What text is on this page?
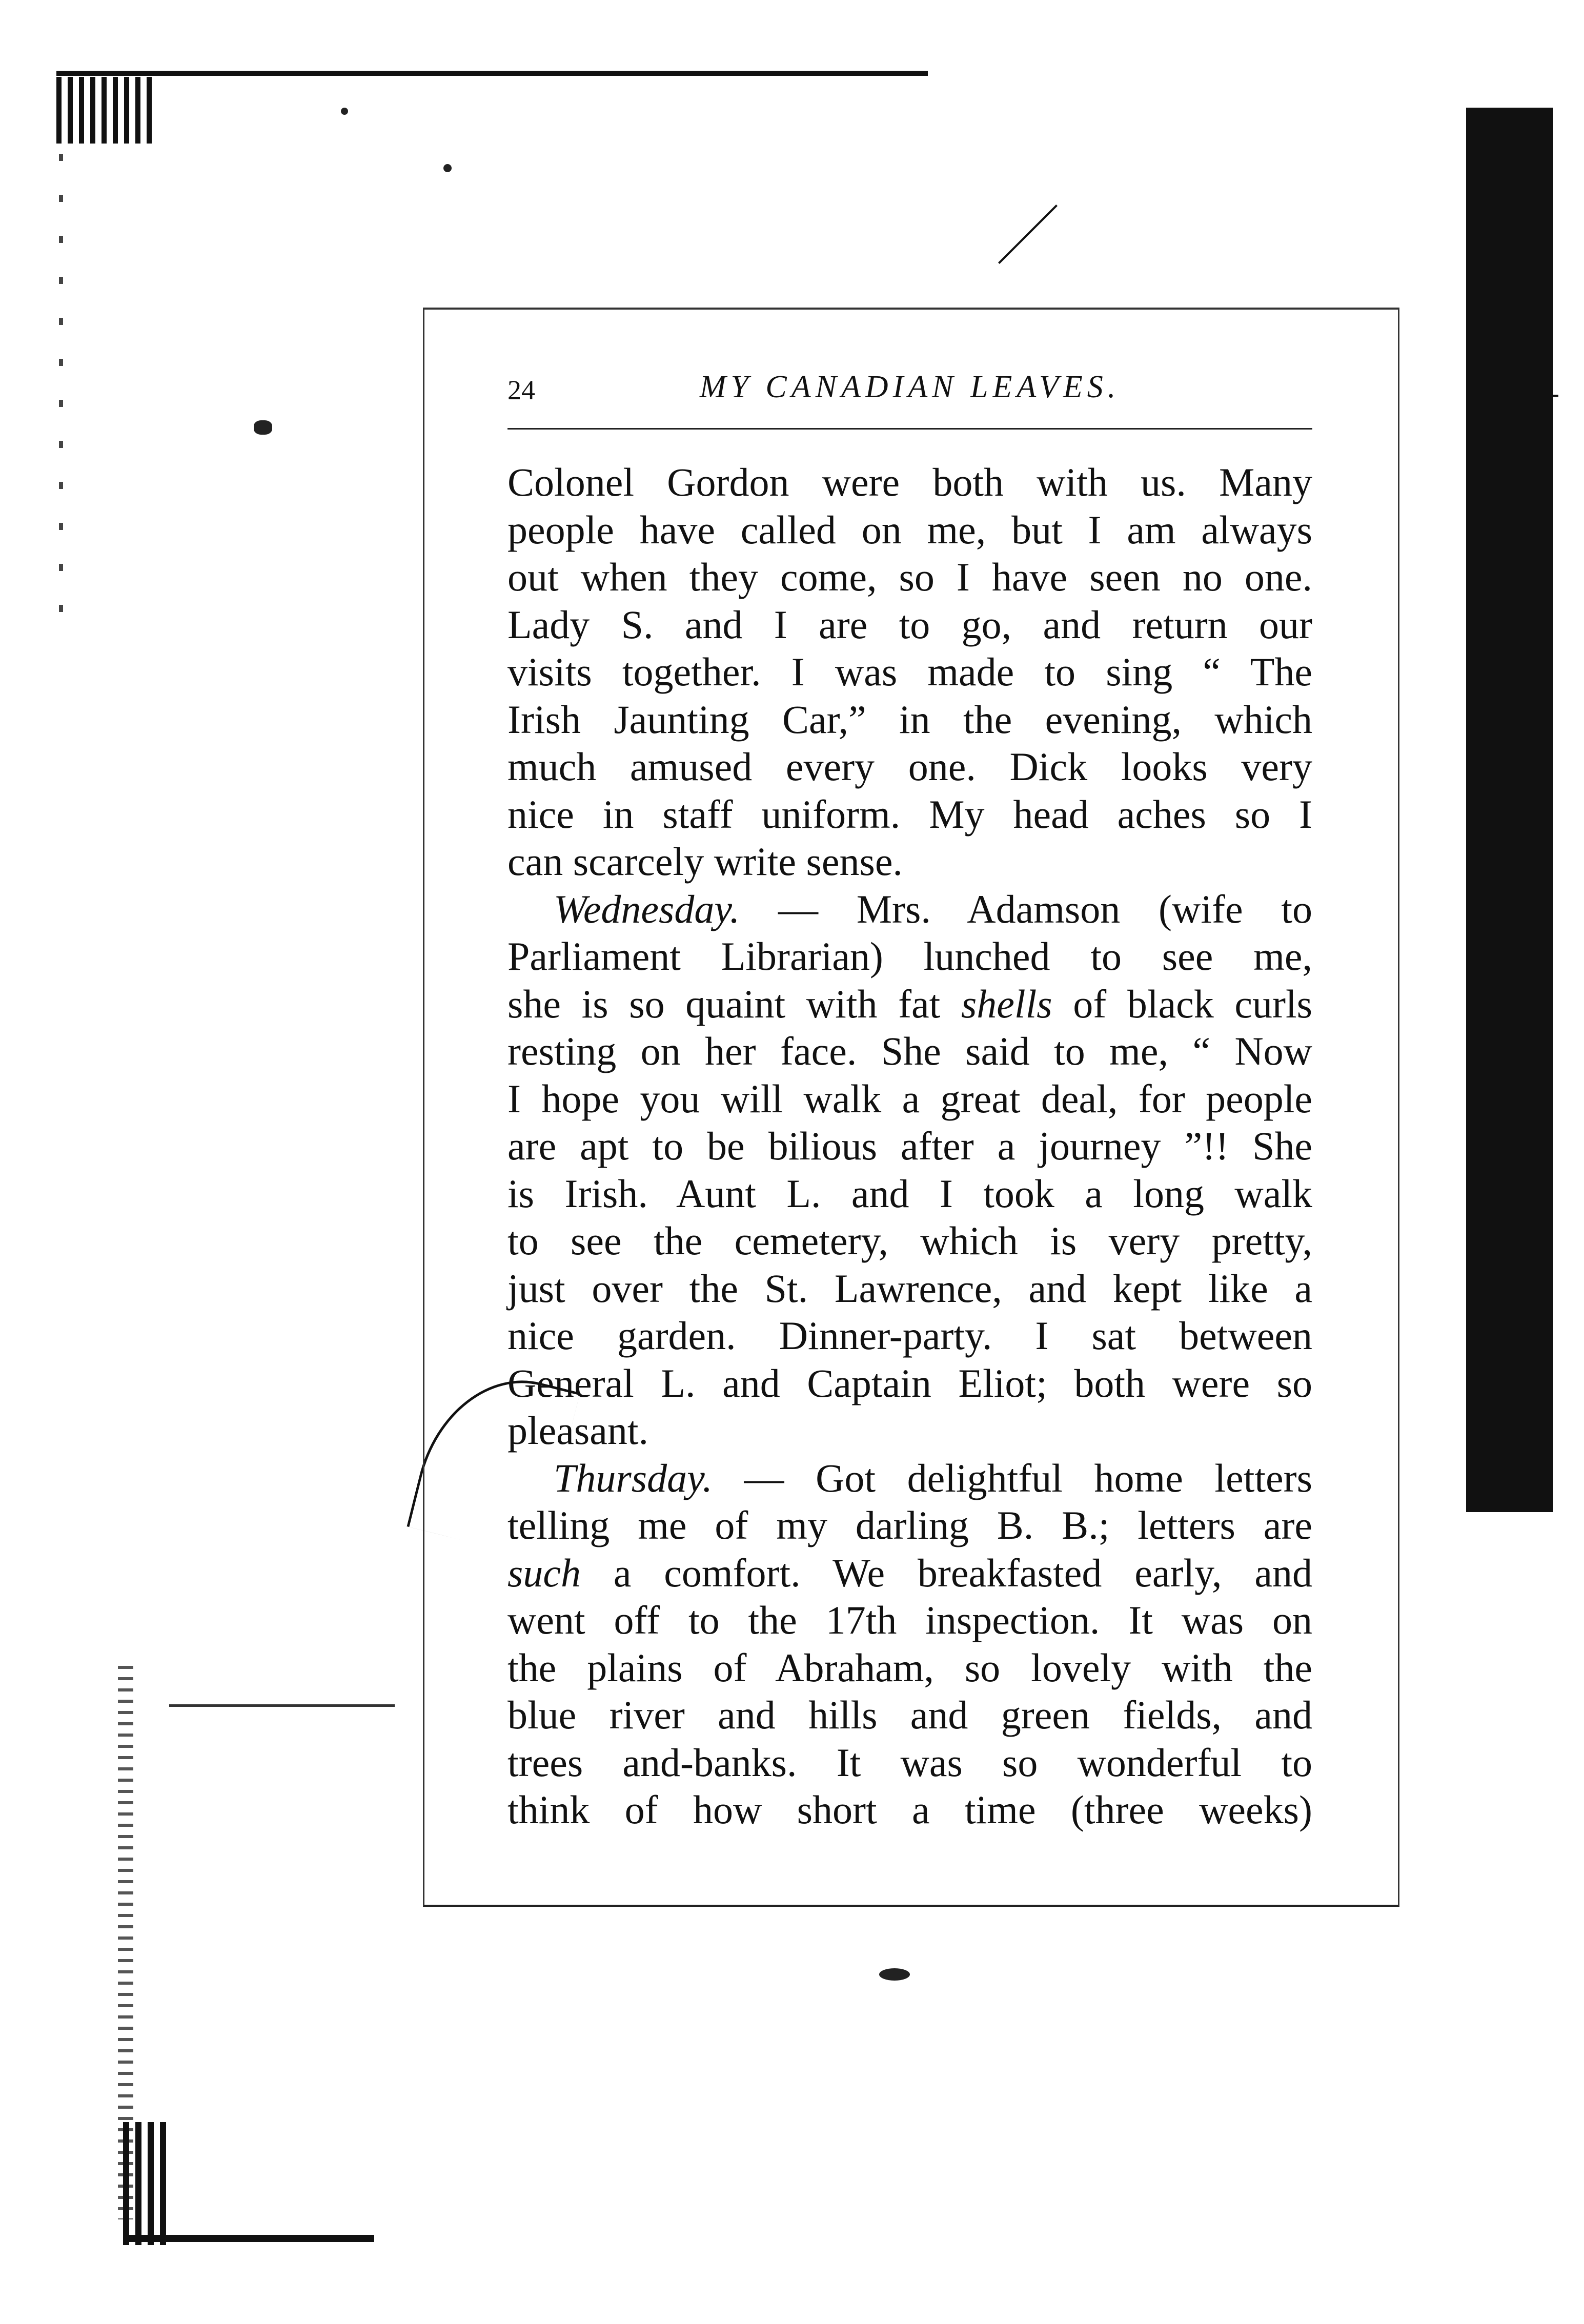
24	MY CANADIAN LEAVES.
Colonel Gordon were both with us. Many
people have called on me, but I am always
out when they come, so I have seen no one.
Lady S. and I are to go, and return our
visits together. I was made to sing “ The
Irish Jaunting Car,” in the evening, which
much amused every one. Dick looks very
nice in staff uniform. My head aches so I
can scarcely write sense.
Wednesday. — Mrs. Adamson (wife to
Parliament Librarian) lunched to see me,
she is so quaint with fat shells of black curls
resting on her face. She said to me, “ Now
I hope you will walk a great deal, for people
are apt to be bilious after a journey ”!! She
is Irish. Aunt L. and I took a long walk
to see the cemetery, which is very pretty,
just over the St. Lawrence, and kept like a
nice garden. Dinner-party. I sat between
General L. and Captain Eliot; both were so
pleasant.
Thursday. — Got delightful home letters
telling me of my darling B. B.; letters are
such a comfort. We breakfasted early, and
went off to the 17th inspection. It was on
the plains of Abraham, so lovely with the
blue river and hills and green fields, and
trees and-banks. It was so wonderful to
think of how short a time (three weeks)
